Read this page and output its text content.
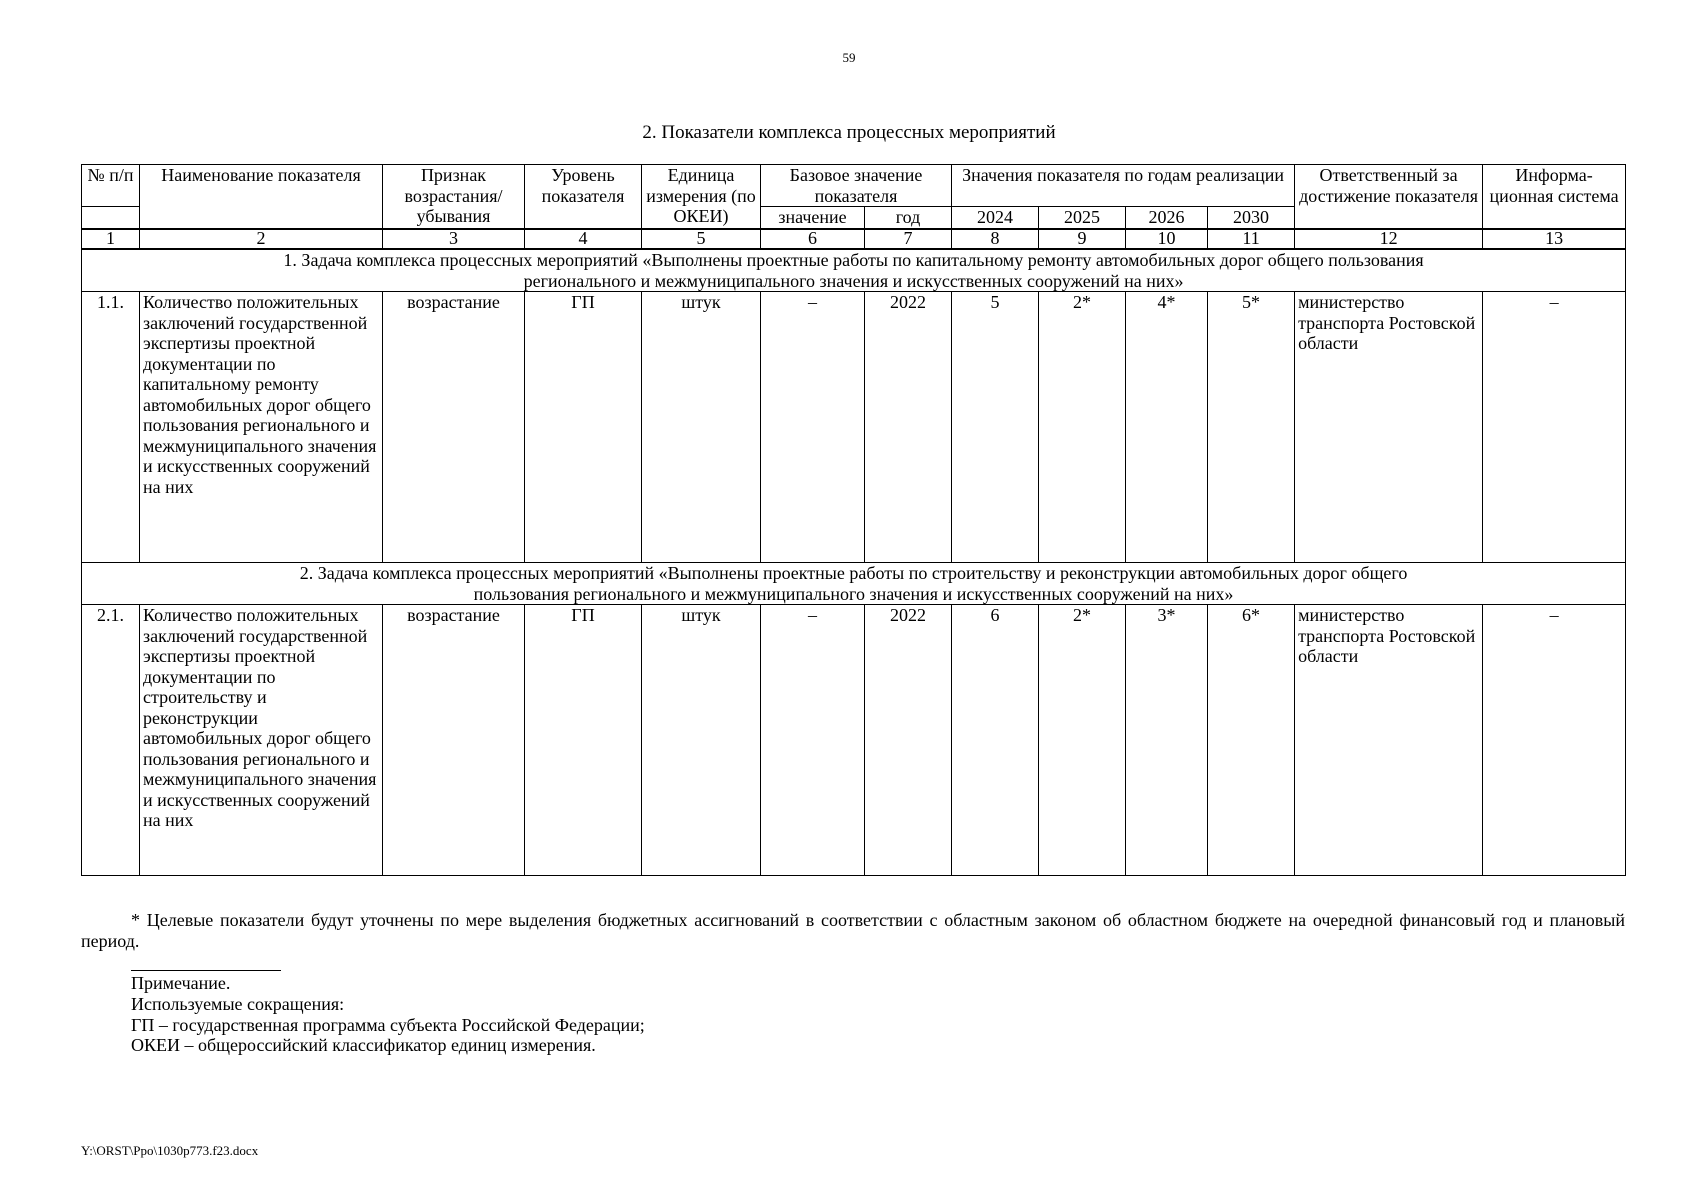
59
2. Показатели комплекса процессных мероприятий
№ п/п	Наименование показателя	Признак возрастания/ убывания	Уровень показателя	Единица измерения (по ОКЕИ)	Базовое значение показателя		Значения показателя по годам реализации				Ответственный за достижение показателя	Информа- ционная система

					значение	год	2024	2025	2026	2030		
1	2	3	4	5	6	7	8	9	10	11	12	13
1. Задача комплекса процессных мероприятий «Выполнены проектные работы по капитальному ремонту автомобильных дорог общего пользования регионального и межмуниципального значения и искусственных сооружений на них»												
1.1.	Количество положительных заключений государственной экспертизы проектной документации по капитальному ремонту автомобильных дорог общего пользования регионального и межмуниципального значения и искусственных сооружений на них	возрастание	ГП	штук	–	2022	5	2*	4*	5*	министерство транспорта Ростовской области	–
2. Задача комплекса процессных мероприятий «Выполнены проектные работы по строительству и реконструкции автомобильных дорог общего пользования регионального и межмуниципального значения и искусственных сооружений на них»												
2.1.	Количество положительных заключений государственной экспертизы проектной документации по строительству и реконструкции автомобильных дорог общего пользования регионального и межмуниципального значения и искусственных сооружений на них	возрастание	ГП	штук	–	2022	6	2*	3*	6*	министерство транспорта Ростовской области	–
* Целевые показатели будут уточнены по мере выделения бюджетных ассигнований в соответствии с областным законом об областном бюджете на очередной финансовый год и плановый период.
Примечание.
Используемые сокращения:
ГП – государственная программа субъекта Российской Федерации;
ОКЕИ – общероссийский классификатор единиц измерения.
Y:\ORST\Ppo\1030p773.f23.docx
